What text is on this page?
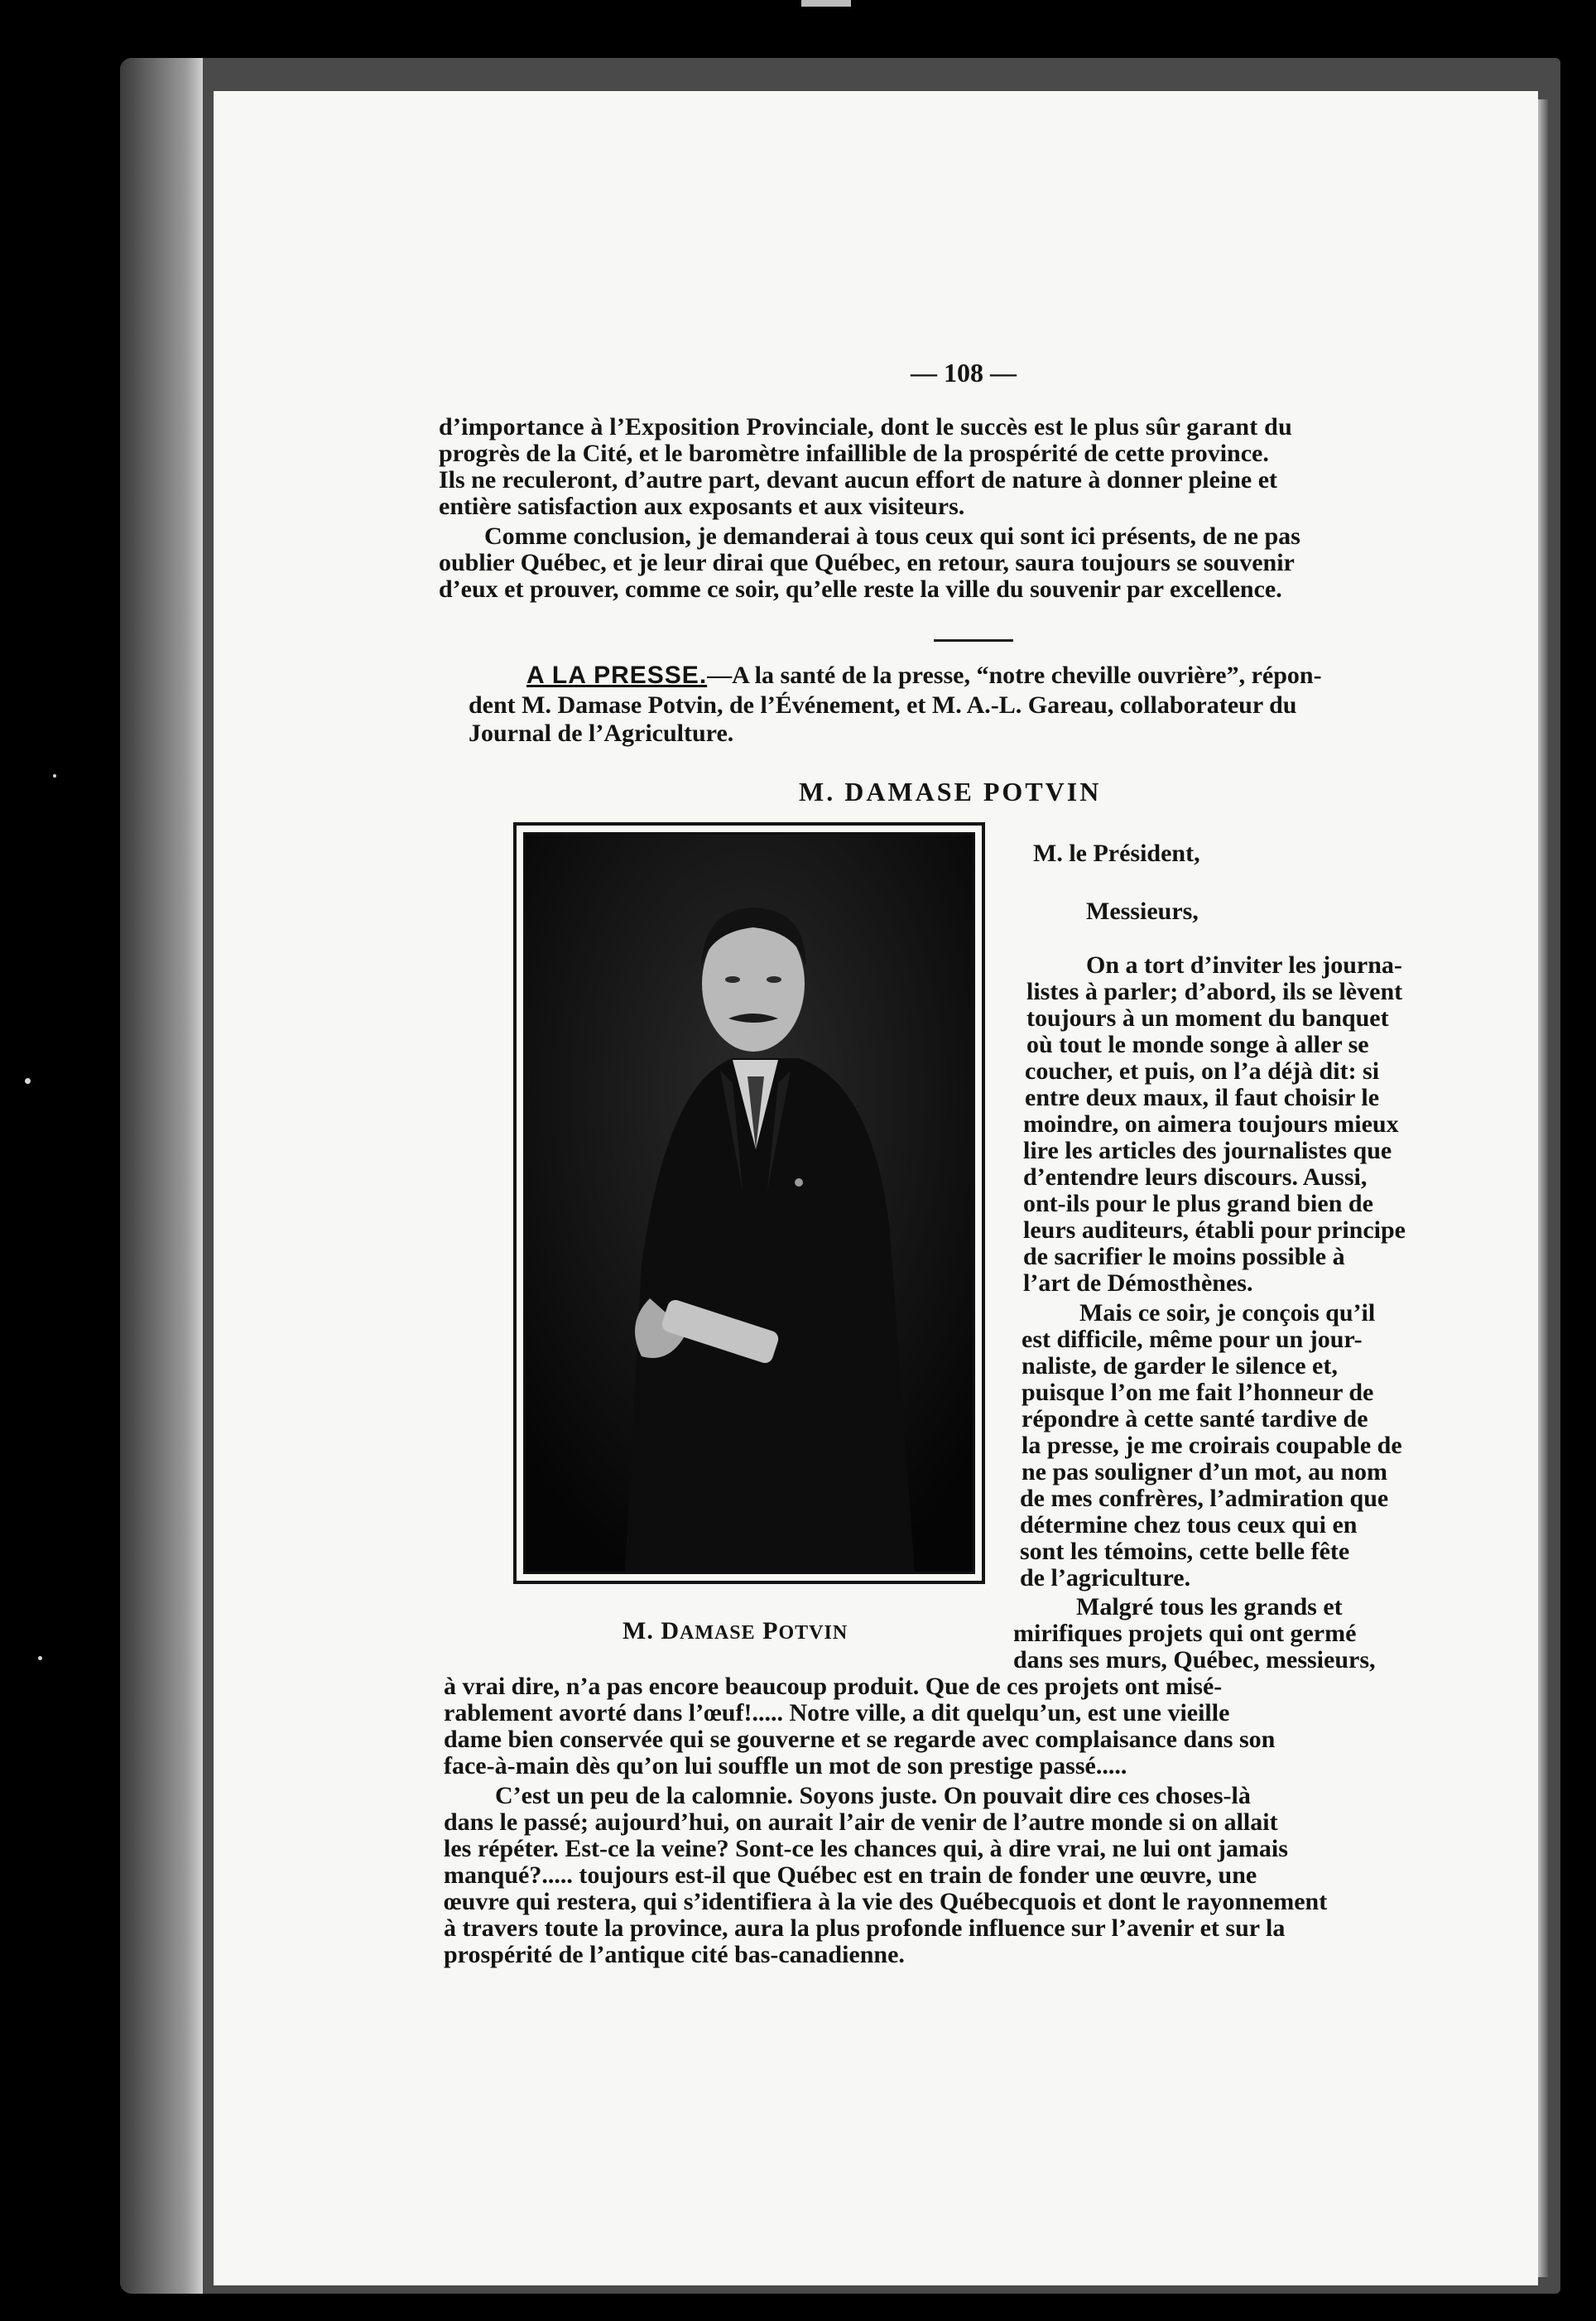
— 108 —
d’importance à l’Exposition Provinciale, dont le succès est le plus sûr garant du
progrès de la Cité, et le baromètre infaillible de la prospérité de cette province.
Ils ne reculeront, d’autre part, devant aucun effort de nature à donner pleine et
entière satisfaction aux exposants et aux visiteurs.
Comme conclusion, je demanderai à tous ceux qui sont ici présents, de ne pas
oublier Québec, et je leur dirai que Québec, en retour, saura toujours se souvenir
d’eux et prouver, comme ce soir, qu’elle reste la ville du souvenir par excellence.
A LA PRESSE.—A la santé de la presse, “notre cheville ouvrière”, répon-
dent M. Damase Potvin, de l’Événement, et M. A.-L. Gareau, collaborateur du
Journal de l’Agriculture.
M. DAMASE POTVIN
M. DAMASE POTVIN
M. le Président,
Messieurs,
On a tort d’inviter les journa-
listes à parler; d’abord, ils se lèvent
toujours à un moment du banquet
où tout le monde songe à aller se
coucher, et puis, on l’a déjà dit: si
entre deux maux, il faut choisir le
moindre, on aimera toujours mieux
lire les articles des journalistes que
d’entendre leurs discours. Aussi,
ont-ils pour le plus grand bien de
leurs auditeurs, établi pour principe
de sacrifier le moins possible à
l’art de Démosthènes.
Mais ce soir, je conçois qu’il
est difficile, même pour un jour-
naliste, de garder le silence et,
puisque l’on me fait l’honneur de
répondre à cette santé tardive de
la presse, je me croirais coupable de
ne pas souligner d’un mot, au nom
de mes confrères, l’admiration que
détermine chez tous ceux qui en
sont les témoins, cette belle fête
de l’agriculture.
Malgré tous les grands et
mirifiques projets qui ont germé
dans ses murs, Québec, messieurs,
à vrai dire, n’a pas encore beaucoup produit. Que de ces projets ont misé-
rablement avorté dans l’œuf!..... Notre ville, a dit quelqu’un, est une vieille
dame bien conservée qui se gouverne et se regarde avec complaisance dans son
face-à-main dès qu’on lui souffle un mot de son prestige passé.....
C’est un peu de la calomnie. Soyons juste. On pouvait dire ces choses-là
dans le passé; aujourd’hui, on aurait l’air de venir de l’autre monde si on allait
les répéter. Est-ce la veine? Sont-ce les chances qui, à dire vrai, ne lui ont jamais
manqué?..... toujours est-il que Québec est en train de fonder une œuvre, une
œuvre qui restera, qui s’identifiera à la vie des Québecquois et dont le rayonnement
à travers toute la province, aura la plus profonde influence sur l’avenir et sur la
prospérité de l’antique cité bas-canadienne.
